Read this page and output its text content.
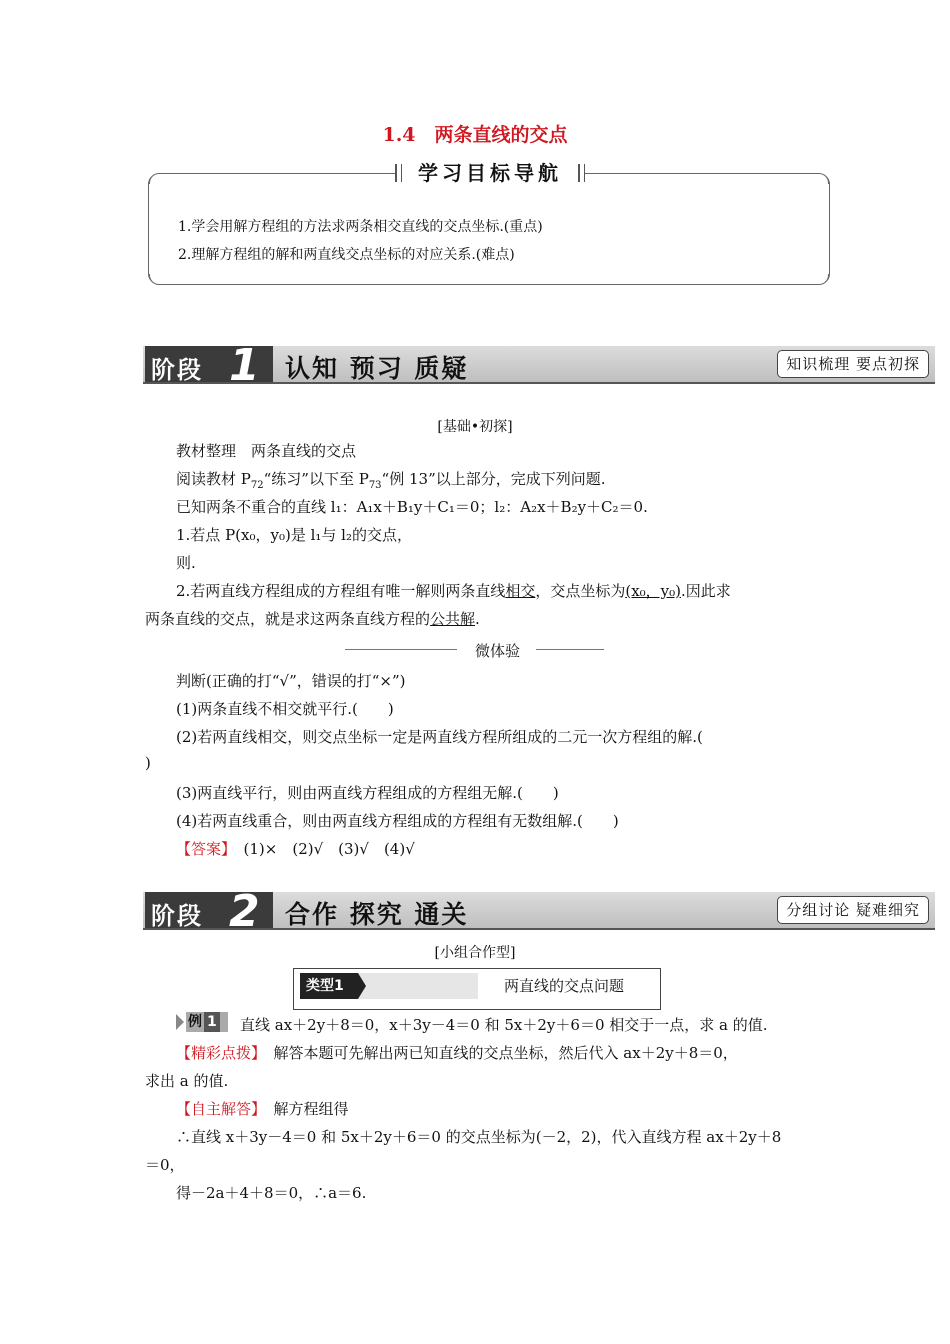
1.4　两条直线的交点
学习目标导航
1.学会用解方程组的方法求两条相交直线的交点坐标.(重点)
2.理解方程组的解和两直线交点坐标的对应关系.(难点)
阶段 1 认知 预习 质疑	知识梳理 要点初探
[基础•初探]
教材整理　两条直线的交点
阅读教材 $P_{72}“$练习”以下至 $P_{73}“$例 13”以上部分，完成下列问题.
已知两条不重合的直线 l₁：A₁x＋B₁y＋C₁＝0；l₂：A₂x＋B₂y＋C₂＝0.
1.若点 P(x₀，y₀)是 l₁与 l₂的交点，
则.
2.若两直线方程组成的方程组有唯一解则两条直线相交，交点坐标为(x₀，y₀).因此求
两条直线的交点，就是求这两条直线方程的公共解.
微体验
判断(正确的打“√”，错误的打“×”)
(1)两条直线不相交就平行.(　　)
(2)若两直线相交，则交点坐标一定是两直线方程所组成的二元一次方程组的解.(
)
(3)两直线平行，则由两直线方程组成的方程组无解.(　　)
(4)若两直线重合，则由两直线方程组成的方程组有无数组解.(　　)
【答案】　 (1)×　(2)√　(3)√　(4)√
阶段 2 合作 探究 通关	分组讨论 疑难细究
[小组合作型]
类型1	两直线的交点问题
例 1	直线 ax＋2y＋8＝0，x＋3y－4＝0 和 5x＋2y＋6＝0 相交于一点，求 a 的值.
【精彩点拨】　 解答本题可先解出两已知直线的交点坐标，然后代入 ax＋2y＋8＝0，
求出 a 的值.
【自主解答】　 解方程组得
∴直线 x＋3y－4＝0 和 5x＋2y＋6＝0 的交点坐标为(－2，2)，代入直线方程 ax＋2y＋8
＝0，
得－2a＋4＋8＝0，∴a＝6.
